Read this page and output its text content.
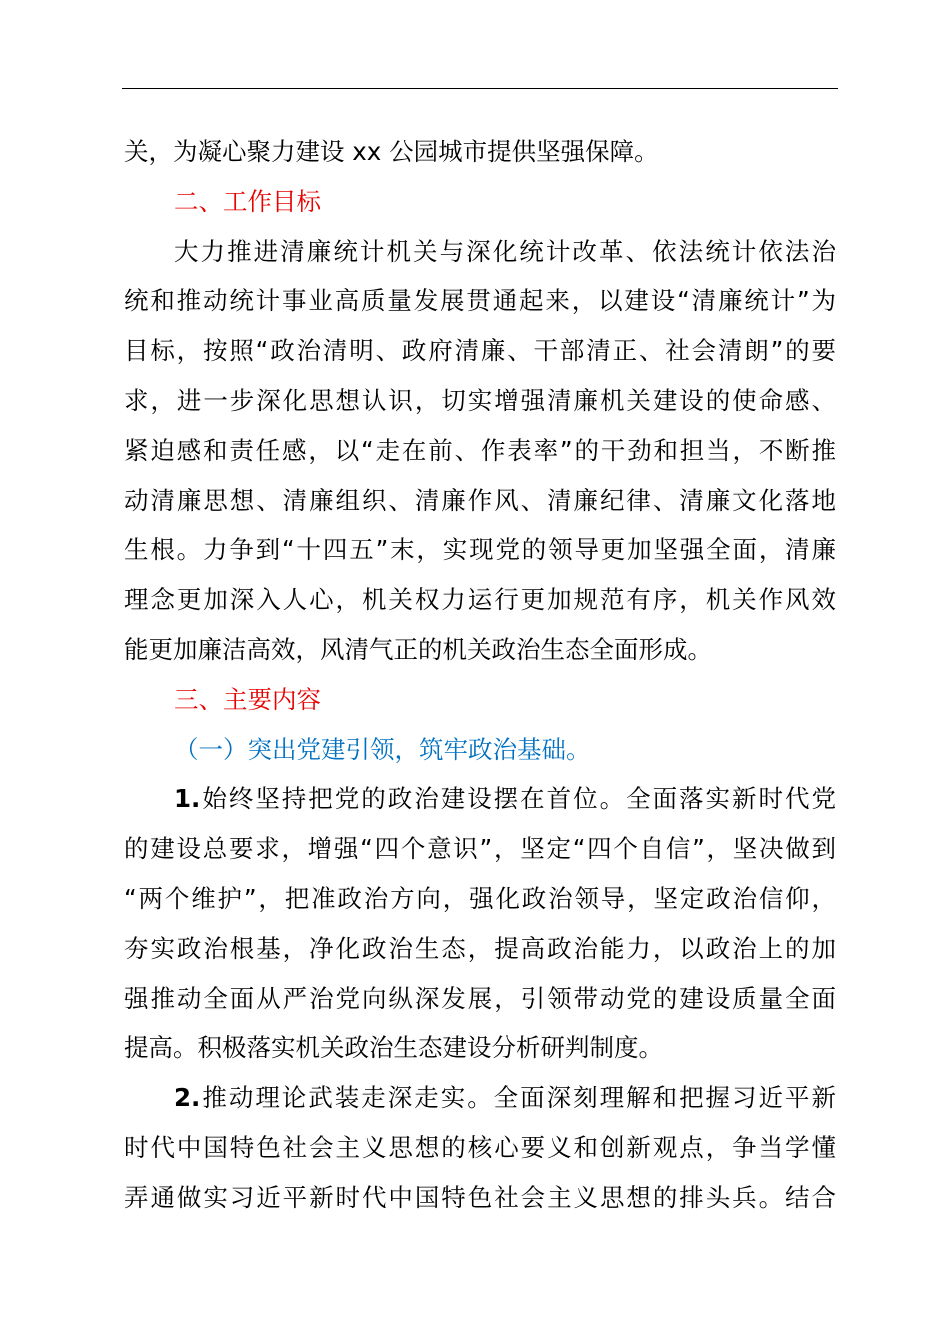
关，为凝心聚力建设 xx 公园城市提供坚强保障。
二、工作目标
大力推进清廉统计机关与深化统计改革、依法统计依法治
统和推动统计事业高质量发展贯通起来，以建设“清廉统计”为
目标，按照“政治清明、政府清廉、干部清正、社会清朗”的要
求，进一步深化思想认识，切实增强清廉机关建设的使命感、
紧迫感和责任感，以“走在前、作表率”的干劲和担当，不断推
动清廉思想、清廉组织、清廉作风、清廉纪律、清廉文化落地
生根。力争到“十四五”末，实现党的领导更加坚强全面，清廉
理念更加深入人心，机关权力运行更加规范有序，机关作风效
能更加廉洁高效，风清气正的机关政治生态全面形成。
三、主要内容
（一）突出党建引领，筑牢政治基础。
1.始终坚持把党的政治建设摆在首位。全面落实新时代党
的建设总要求，增强“四个意识”，坚定“四个自信”，坚决做到
“两个维护”，把准政治方向，强化政治领导，坚定政治信仰，
夯实政治根基，净化政治生态，提高政治能力，以政治上的加
强推动全面从严治党向纵深发展，引领带动党的建设质量全面
提高。积极落实机关政治生态建设分析研判制度。
2.推动理论武装走深走实。全面深刻理解和把握习近平新
时代中国特色社会主义思想的核心要义和创新观点，争当学懂
弄通做实习近平新时代中国特色社会主义思想的排头兵。结合
